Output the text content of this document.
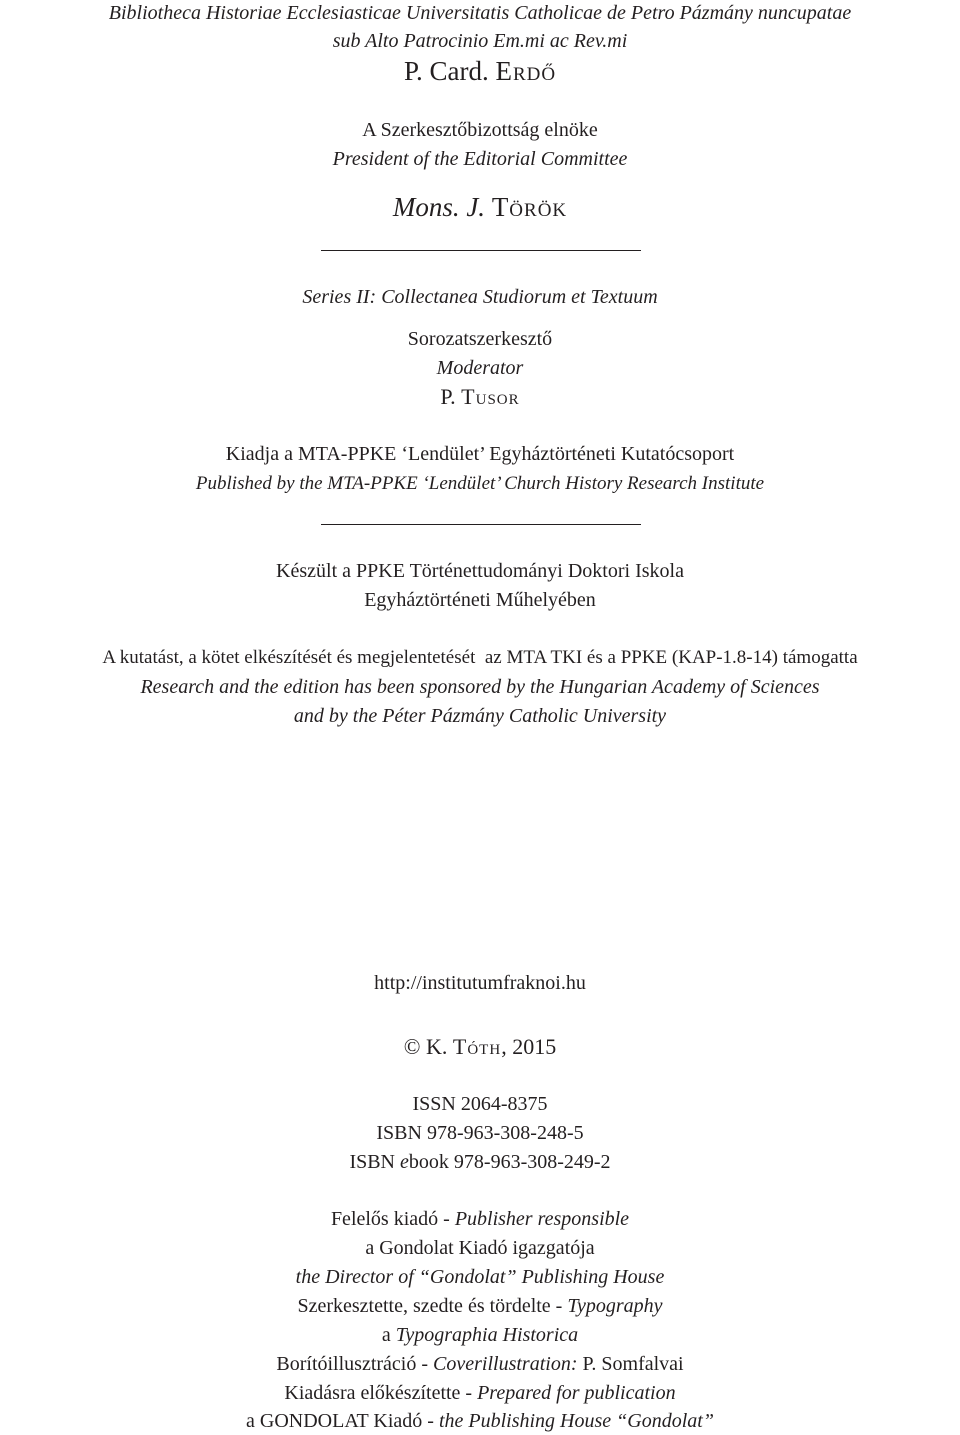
Bibliotheca Historiae Ecclesiasticae Universitatis Catholicae de Petro Pázmány nuncupatae
sub Alto Patrocinio Em.mi ac Rev.mi
P. Card. Erdő
A Szerkesztőbizottság elnöke
President of the Editorial Committee
Mons. J. Török
Series II: Collectanea Studiorum et Textuum
Sorozatszerkesztő
Moderator
P. Tusor
Kiadja a MTA-PPKE ‘Lendület’ Egyháztörténeti Kutatócsoport
Published by the MTA-PPKE ‘Lendület’ Church History Research Institute
Készült a PPKE Történettudományi Doktori Iskola
Egyháztörténeti Műhelyében
A kutatást, a kötet elkészítését és megjelentetését  az MTA TKI és a PPKE (KAP-1.8-14) támogatta
Research and the edition has been sponsored by the Hungarian Academy of Sciences
and by the Péter Pázmány Catholic University
http://institutumfraknoi.hu
© K. Tóth, 2015
ISSN 2064-8375
ISBN 978-963-308-248-5
ISBN ebook 978-963-308-249-2
Felelős kiadó - Publisher responsible
a Gondolat Kiadó igazgatója
the Director of “Gondolat” Publishing House
Szerkesztette, szedte és tördelte - Typography
a Typographia Historica
Borítóillusztráció - Coverillustration: P. Somfalvai
Kiadásra előkészítette - Prepared for publication
a GONDOLAT Kiadó - the Publishing House “Gondolat”
